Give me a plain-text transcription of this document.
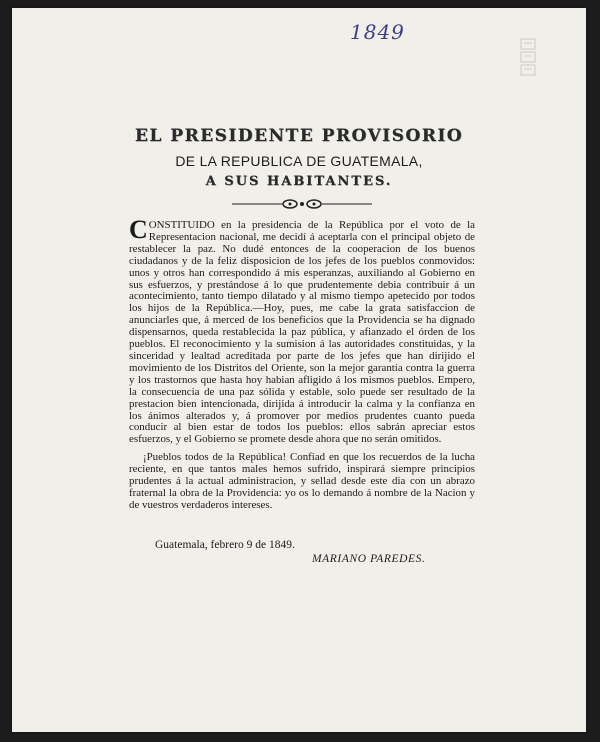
1849
EL PRESIDENTE PROVISORIO
DE LA REPUBLICA DE GUATEMALA,
A SUS HABITANTES.

CONSTITUIDO en la presidencia de la República por el voto de la Representacion nacional, me decidí á aceptarla con el principal objeto de restablecer la paz. No dudé entonces de la cooperacion de los buenos ciudadanos y de la feliz disposicion de los jefes de los pueblos conmovidos: unos y otros han correspondido á mis esperanzas, auxiliando al Gobierno en sus esfuerzos, y prestándose á lo que prudentemente debia contribuir á un acontecimiento, tanto tiempo dilatado y al mismo tiempo apetecido por todos los hijos de la República.—Hoy, pues, me cabe la grata satisfaccion de anunciarles que, á merced de los beneficios que la Providencia se ha dignado dispensarnos, queda restablecida la paz pública, y afianzado el órden de los pueblos. El reconocimiento y la sumision á las autoridades constituidas, y la sinceridad y lealtad acreditada por parte de los jefes que han dirijido el movimiento de los Distritos del Oriente, son la mejor garantía contra la guerra y los trastornos que hasta hoy habian afligido á los mismos pueblos. Empero, la consecuencia de una paz sólida y estable, solo puede ser resultado de la prestacion bien intencionada, dirijida á introducir la calma y la confianza en los ánimos alterados y, á promover por medios prudentes cuanto pueda conducir al bien estar de todos los pueblos: ellos sabrán apreciar estos esfuerzos, y el Gobierno se promete desde ahora que no serán omitidos.

¡Pueblos todos de la República! Confiad en que los recuerdos de la lucha reciente, en que tantos males hemos sufrido, inspirará siempre principios prudentes á la actual administracion, y sellad desde este dia con un abrazo fraternal la obra de la Providencia: yo os lo demando á nombre de la Nacion y de vuestros verdaderos intereses.

Guatemala, febrero 9 de 1849.
MARIANO PAREDES.
